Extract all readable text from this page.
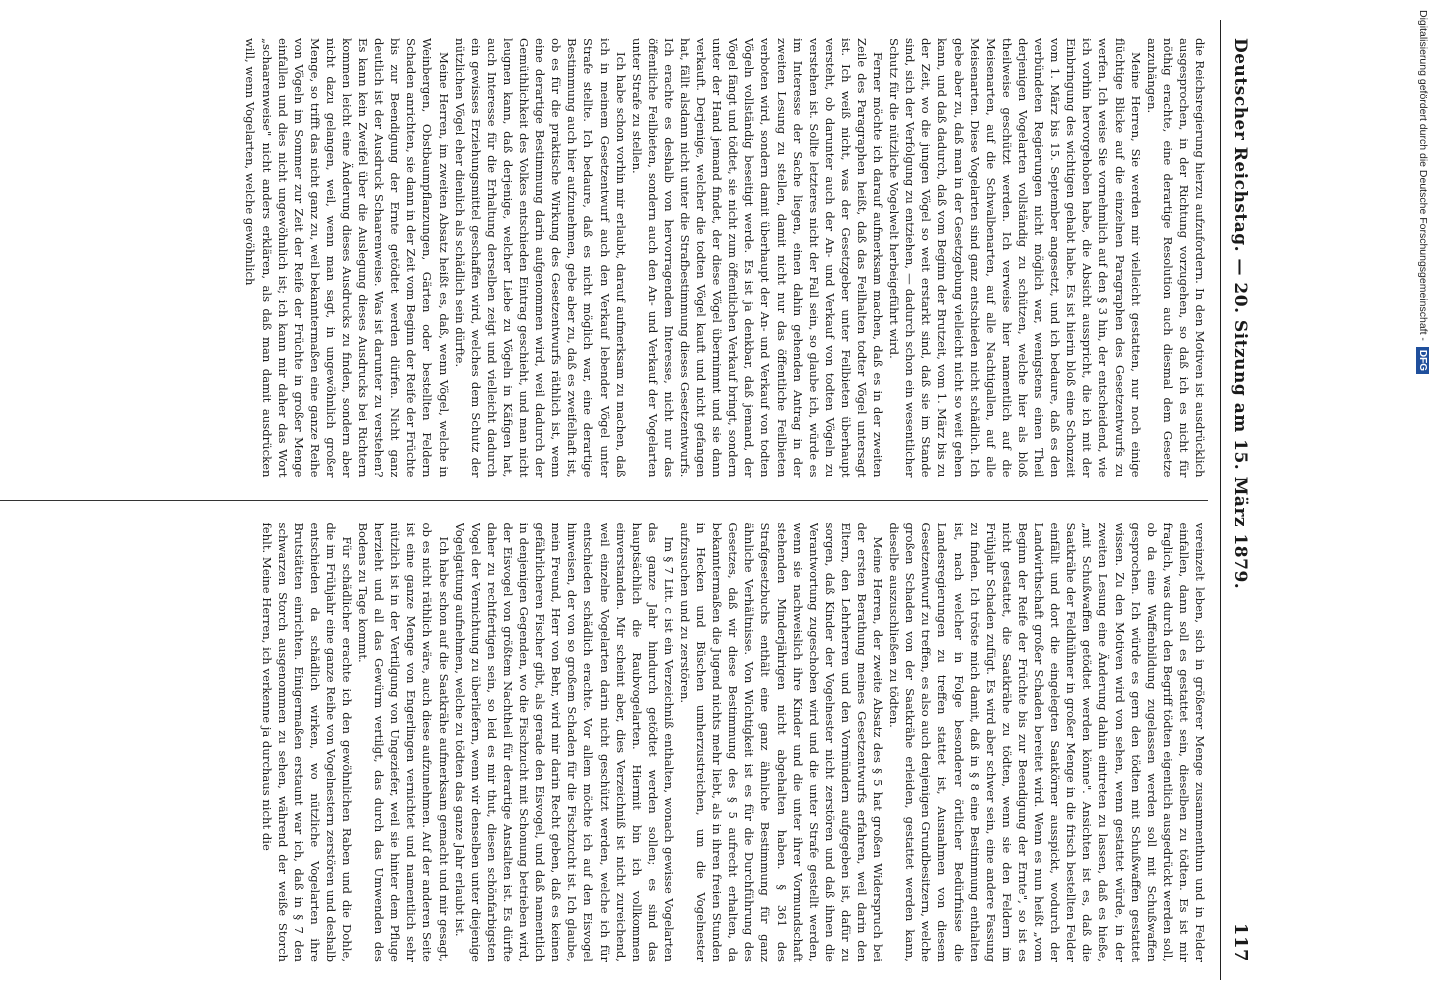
Deutscher Reichstag. — 20. Sitzung am 15. März 1879.
117

die Reichsregierung hierzu aufzufordern. In den Motiven ist ausdrücklich ausgesprochen, in der Richtung vorzugehen, so daß ich es nicht für nöthig erachte, eine derartige Resolution auch diesmal dem Gesetze anzuhängen.

Meine Herren, Sie werden mir vielleicht gestatten, nur noch einige flüchtige Blicke auf die einzelnen Paragraphen des Gesetzentwurfs zu werfen. Ich weise Sie vornehmlich auf den § 3 hin, der entscheidend, wie ich vorhin hervorgehoben habe, die Absicht ausspricht, die ich mit der Einbringung des wichtigen gehabt habe. Es ist hierin bloß eine Schonzeit vom 1. März bis 15. September angesetzt, und ich bedaure, daß es den verbündeten Regierungen nicht möglich war, wenigstens einen Theil derjenigen Vogelarten vollständig zu schützen, welche hier als bloß theilweise geschützt werden. Ich verweise hier namentlich auf die Meisenarten, auf die Schwalbenarten, auf alle Nachtigallen, auf alle Meisenarten. Diese Vogelarten sind ganz entschieden nicht schädlich. Ich gebe aber zu, daß man in der Gesetzgebung vielleicht nicht so weit gehen kann, und daß dadurch, daß vom Beginn der Brutzeit, vom 1. März bis zu der Zeit, wo die jungen Vögel so weit erstarkt sind, daß sie im Stande sind, sich der Verfolgung zu entziehen, — dadurch schon ein wesentlicher Schutz für die nützliche Vogelwelt herbeigeführt wird.

Ferner möchte ich darauf aufmerksam machen, daß es in der zweiten Zeile des Paragraphen heißt, daß das Feilhalten todter Vögel untersagt ist. Ich weiß nicht, was der Gesetzgeber unter Feilbieten überhaupt versteht, ob darunter auch der An- und Verkauf von todten Vögeln zu verstehen ist. Sollte letzteres nicht der Fall sein, so glaube ich, würde es im Interesse der Sache liegen, einen dahin gehenden Antrag in der zweiten Lesung zu stellen, damit nicht nur das öffentliche Feilbieten verboten wird, sondern damit überhaupt der An- und Verkauf von todten Vögeln vollständig beseitigt werde. Es ist ja denkbar, daß jemand, der Vögel fängt und tödtet, sie nicht zum öffentlichen Verkauf bringt, sondern unter der Hand jemand findet, der diese Vögel übernimmt und sie dann verkauft. Derjenige, welcher die todten Vögel kauft und nicht gefangen hat, fällt alsdann nicht unter die Strafbestimmung dieses Gesetzentwurfs. Ich erachte es deshalb von hervorragendem Interesse, nicht nur das öffentliche Feilbieten, sondern auch den An- und Verkauf der Vogelarten unter Strafe zu stellen.

Ich habe schon vorhin mir erlaubt, darauf aufmerksam zu machen, daß ich in meinem Gesetzentwurf auch den Verkauf lebender Vögel unter Strafe stellte. Ich bedaure, daß es nicht möglich war, eine derartige Bestimmung auch hier aufzunehmen, gebe aber zu, daß es zweifelhaft ist, ob es für die praktische Wirkung des Gesetzentwurfs räthlich ist, wenn eine derartige Bestimmung darin aufgenommen wird, weil dadurch der Gemüthlichkeit des Volkes entschieden Eintrag geschieht, und man nicht leugnen kann, daß derjenige, welcher Liebe zu Vögeln in Käfigen hat, auch Interesse für die Erhaltung derselben zeigt und vielleicht dadurch ein gewisses Erziehungsmittel geschaffen wird, welches dem Schutz der nützlichen Vögel eher dienlich als schädlich sein dürfte.

Meine Herren, im zweiten Absatz heißt es, daß, wenn Vögel, welche in Weinbergen, Obstbaumpflanzungen, Gärten oder bestellten Feldern Schaden anrichten, sie dann in der Zeit vom Beginn der Reife der Früchte bis zur Beendigung der Ernte getödtet werden dürfen. Nicht ganz deutlich ist der Ausdruck Schaarenweise. Was ist darunter zu verstehen? Es kann kein Zweifel über die Auslegung dieses Ausdrucks bei Richtern kommen leicht eine Änderung dieses Ausdrucks zu finden, sondern aber nicht dazu gelangen, weil, wenn man sagt, in ungewöhnlich großer Menge, so trifft das nicht ganz zu, weil bekanntermaßen eine ganze Reihe von Vögeln im Sommer zur Zeit der Reife der Früchte in großer Menge einfallen und dies nicht ungewöhnlich ist; ich kann mir daher das Wort „schaarenweise" nicht anders erklären, als daß man damit ausdrücken will, wenn Vogelarten, welche gewöhnlich

vereinzelt leben, sich in größerer Menge zusammenthun und in Felder einfallen, dann soll es gestattet sein, dieselben zu tödten. Es ist mir fraglich, was durch den Begriff tödten eigentlich ausgedrückt werden soll, ob da eine Waffenbildung zugelassen werden soll mit Schußwaffen gesprochen. Ich würde es gern den tödten mit Schußwaffen gestattet wissen. Zu den Motiven wird von sehen, wenn gestattet würde, in der zweiten Lesung eine Änderung dahin eintreten zu lassen, daß es hieße, „mit Schußwaffen getödtet werden könne". Ansichten ist es, daß die Saatkrähe der Feldhühner in großer Menge in die frisch bestellten Felder einfällt und dort die eingelegten Saatkörner ausspickt, wodurch der Landwirthschaft großer Schaden bereitet wird. Wenn es nun heißt „vom Beginn der Reife der Früchte bis zur Beendigung der Ernte", so ist es nicht gestattet, die Saatkrähe zu tödten, wenn sie den Feldern im Frühjahr Schaden zufügt. Es wird aber schwer sein, eine andere Fassung zu finden. Ich tröste mich damit, daß in § 8 eine Bestimmung enthalten ist, nach welcher in Folge besonderer örtlicher Bedürfnisse die Landesregierungen zu treffen stattet ist, Ausnahmen von diesem Gesetzentwurf zu treffen, es also auch denjenigen Grundbesitzern, welche großen Schaden von der Saatkrähe erleiden, gestattet werden kann, dieselbe auszuschließen zu tödten.

Meine Herren, der zweite Absatz des § 5 hat großen Widerspruch bei der ersten Berathung meines Gesetzentwurfs erfahren, weil darin den Eltern, den Lehrherren und den Vormündern aufgegeben ist, dafür zu sorgen, daß Kinder der Vogelnester nicht zerstören und daß ihnen die Verantwortung zugeschoben wird und die unter Strafe gestellt werden, wenn sie nachweislich ihre Kinder und die unter ihrer Vormundschaft stehenden Minderjährigen nicht abgehalten haben. § 361 des Strafgesetzbuchs enthält eine ganz ähnliche Bestimmung für ganz ähnliche Verhältnisse. Von Wichtigkeit ist es für die Durchführung des Gesetzes, daß wir diese Bestimmung des § 5 aufrecht erhalten, da bekanntermaßen die Jugend nichts mehr liebt, als in ihren freien Stunden in Hecken und Büschen umherzustreichen, um die Vogelnester aufzusuchen und zu zerstören.

Im § 7 Litt. c ist ein Verzeichniß enthalten, wonach gewisse Vogelarten das ganze Jahr hindurch getödtet werden sollen; es sind das hauptsächlich die Raubvogelarten. Hiermit bin ich vollkommen einverstanden. Mir scheint aber, dies Verzeichniß ist nicht zureichend, weil einzelne Vogelarten darin nicht geschützt werden, welche ich für entschieden schädlich erachte. Vor allem möchte ich auf den Eisvogel hinweisen, der von so großem Schaden für die Fischzucht ist. Ich glaube, mein Freund, Herr von Behr, wird mir darin Recht geben, daß es keinen gefährlicheren Fischer gibt, als gerade den Eisvogel, und daß namentlich in denjenigen Gegenden, wo die Fischzucht mit Schonung betrieben wird, der Eisvogel von größtem Nachtheil für derartige Anstalten ist. Es dürfte daher zu rechtfertigen sein, so leid es mir thut, diesen schönfarbigsten Vogel der Vernichtung zu überliefern, wenn wir denselben unter diejenige Vogelgattung aufnehmen, welche zu tödten das ganze Jahr erlaubt ist.

Ich habe schon auf die Saatkrähe aufmerksam gemacht und mir gesagt, ob es nicht räthlich wäre, auch diese aufzunehmen. Auf der anderen Seite ist eine ganze Menge von Engerlingen vernichtet und namentlich sehr nützlich ist in der Vertilgung von Ungeziefer, weil sie hinter dem Pfluge herzieht und all das Gewürm vertilgt, das durch das Umwenden des Bodens zu Tage kommt.

Für schädlicher erachte ich den gewöhnlichen Raben und die Dohle, die im Frühjahr eine ganze Reihe von Vogelnestern zerstören und deshalb entschieden da schädlich wirken, wo nützliche Vogelarten ihre Brutstätten einrichten. Einigermaßen erstaunt war ich, daß in § 7 den schwarzen Storch ausgenommen zu sehen, während der weiße Storch fehlt. Meine Herren, ich verkenne ja durchaus nicht die

Digitalisierung gefördert durch die Deutsche Forschungsgemeinschaft -
DFG
